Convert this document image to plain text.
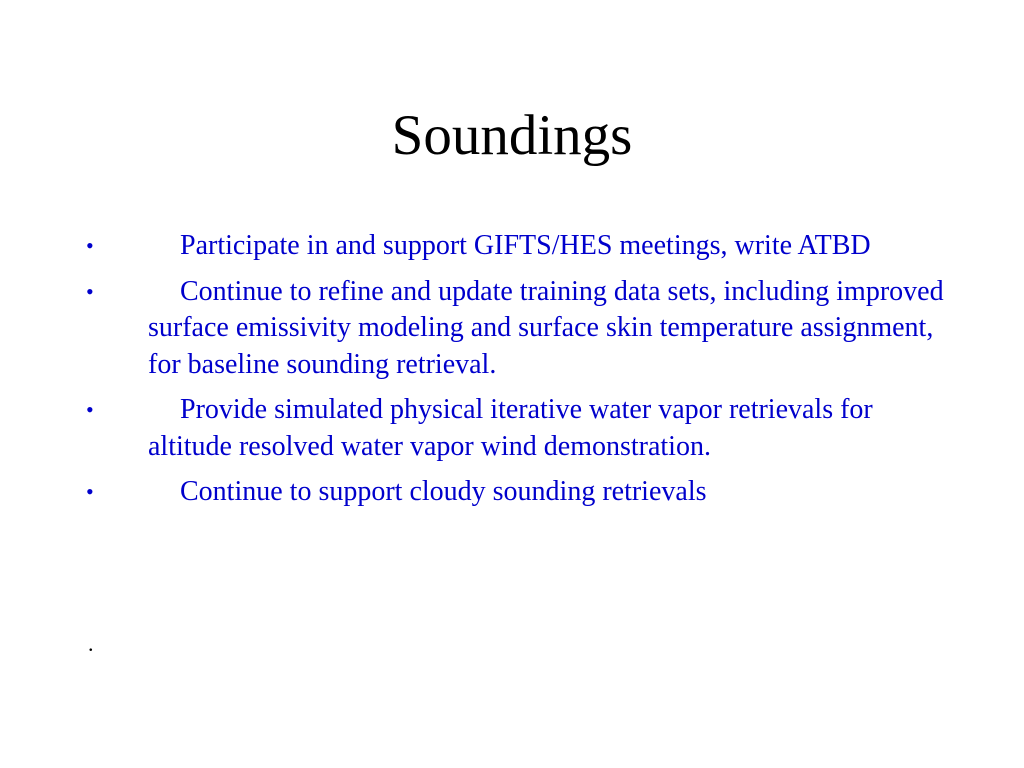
Soundings
•	Participate in and support GIFTS/HES meetings, write ATBD
•	Continue to refine and update training data sets, including improved surface emissivity modeling and surface skin temperature assignment, for baseline sounding retrieval.
•	Provide simulated physical iterative water vapor retrievals for altitude resolved water vapor wind demonstration.
•	Continue to support cloudy sounding retrievals
.
